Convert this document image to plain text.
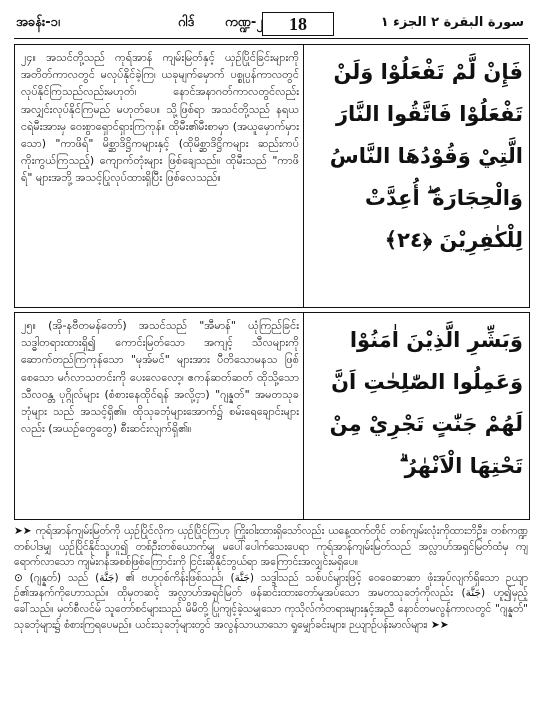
အခန်း-၁၊	ဂါဒ် ကဏ္ဍ-၂	18	سورة البقرة ٢ الجزء ١
၂၄။ အသင်တို့သည် ကုရ်အာန် ကျမ်းမြတ်နှင့် ယှဉ်ပြိုင်ခြင်းများကို အတိတ်ကာလတွင် မလုပ်နိုင်ခဲ့ကြ၊ ယခုမျက်မှောက် ပစ္စုပ္ပန်ကာလတွင် လုပ်နိုင်ကြသည်လည်းမဟုတ်၊ နောင်အနာဂတ်ကာလတွင်လည်း အလျှင်းလုပ်နိုင်ကြမည် မဟုတ်ပေ။ သို့ဖြစ်ရာ အသင်တို့သည် နရယငရဲမီးအားမှ ဝေးစွာရှောင်ရှားကြကုန်။ ထိုမီး၏မီးစာမှာ (အယူမှောက်မှားသော) "ကာဖိရ်" မိစ္ဆာဒိဋ္ဌိကများနှင့် (ထိုမိစ္ဆာဒိဋ္ဌိကများ ဆည်းကပ်ကိုးကွယ်ကြသည့်) ကျောက်တုံးများ ဖြစ်ချေသည်။ ထိုမီးသည် "ကာဖိရ်" များအဘို့ အသင့်ပြုလုပ်ထားရှိပြီး ဖြစ်လေသည်။
فَإِنْ لَّمْ تَفْعَلُوْا وَلَنْ تَفْعَلُوْا فَاتَّقُوا النَّارَ الَّتِيْ وَقُوْدُهَا النَّاسُ وَالْحِجَارَةُ ۖ أُعِدَّتْ لِلْكٰفِرِيْنَ ﴿٢٤﴾
၂၅။ (အို-နဗီတမန်တော်) အသင်သည် "အီမာန်" ယုံကြည်ခြင်းသဒ္ဓါတရားထားရှိ၍ ကောင်းမြတ်သော အကျင့် သီလများကို ဆောက်တည်ကြကုန်သော "မုအ်မင်" များအား ပီတိသောမနသ ဖြစ်စေသော မင်္ဂလာသတင်းကို ပေးလေလော့၊ ဧကန်ဆတ်ဆတ် ထိုသို့သော သီလဝန္တ ပုဂ္ဂိုလ်များ (စံစားနေထိုင်ရန် အလို့ငှာ) "ဂျန္နတ်" အမတသုခဘုံများ သည် အသင့်ရှိ၏။ ထိုသုခဘုံများအောက်၌ စမ်းရေချောင်းများလည်း (အယဉ်တွေတွေ) စီးဆင်းလျက်ရှိ၏။
وَبَشِّرِ الَّذِيْنَ اٰمَنُوْا وَعَمِلُوا الصّٰلِحٰتِ اَنَّ لَهُمْ جَنّٰتٍ تَجْرِيْ مِنْ تَحْتِهَا الْاَنْهٰرُ ۗ

➤➤ ကုရ်အာန်ကျမ်းမြတ်ကို ယှဉ်ပြိုင်လိုက ယှဉ်ပြိုင်ကြဟု ကြိုးဝါးထားရှိသော်လည်း ယနေ့ထက်တိုင် တစ်ကျမ်းလုံးကိုထားဘိဦး၊ တစ်ကဏ္ဍတစ်ပါဒမျှ ယှဉ်ပြိုင်နိုင်သူဟူ၍ တစ်ဦးတစ်ယောက်မျှ မပေါ်ပေါက်သေးပေရာ ကုရ်အာန်ကျမ်းမြတ်သည် အလ္လာဟ်အရှင်မြတ်ထံမှ ကျရောက်လာသော ကျမ်းဂန်အစစ်ဖြစ်ကြောင်းကို ငြင်းဆိုနိုင်ဘွယ်ရာ အကြောင်းအလျှင်းမရှိပေ။

⊙ (ဂျန္နတ်) သည် (جَنَّة) ၏ ဗဟုဝုစ်ကိန်းဖြစ်သည်၊ (جَنَّة) သဒ္ဒါသည် သစ်ပင်များဖြင့် ဝေဝေဆာဆာ ဖုံးအုပ်လျက်ရှိသော ဉယျာဉ်၏အနက်ကိုဟောသည်။ ထိုမှတဆင့် အလ္လာဟ်အရှင်မြတ် ဖန်ဆင်းထားတော်မူအပ်သော အမတသုခဘုံကိုလည်း (جَنَّة) ဟူ၍မှည့်ခေါ်သည်။ မှတ်စီလင်မ် သူတော်စင်များသည် မိမိတို့ ပြုကျင့်ခဲ့သမျှသော ကုသိုလ်ကံတရားများနှင့်အညီ နောင်တမလွန်ကာလတွင် "ဂျန္နတ်" သုခဘုံများ၌ စံစားကြရပေမည်။ ယင်းသုခဘုံများတွင် အလွန်သာယာသော ရှုမျှော်ခင်းများ၊ ဉယျာဉ်ပန်းမာလ်များ၊ ➤➤
